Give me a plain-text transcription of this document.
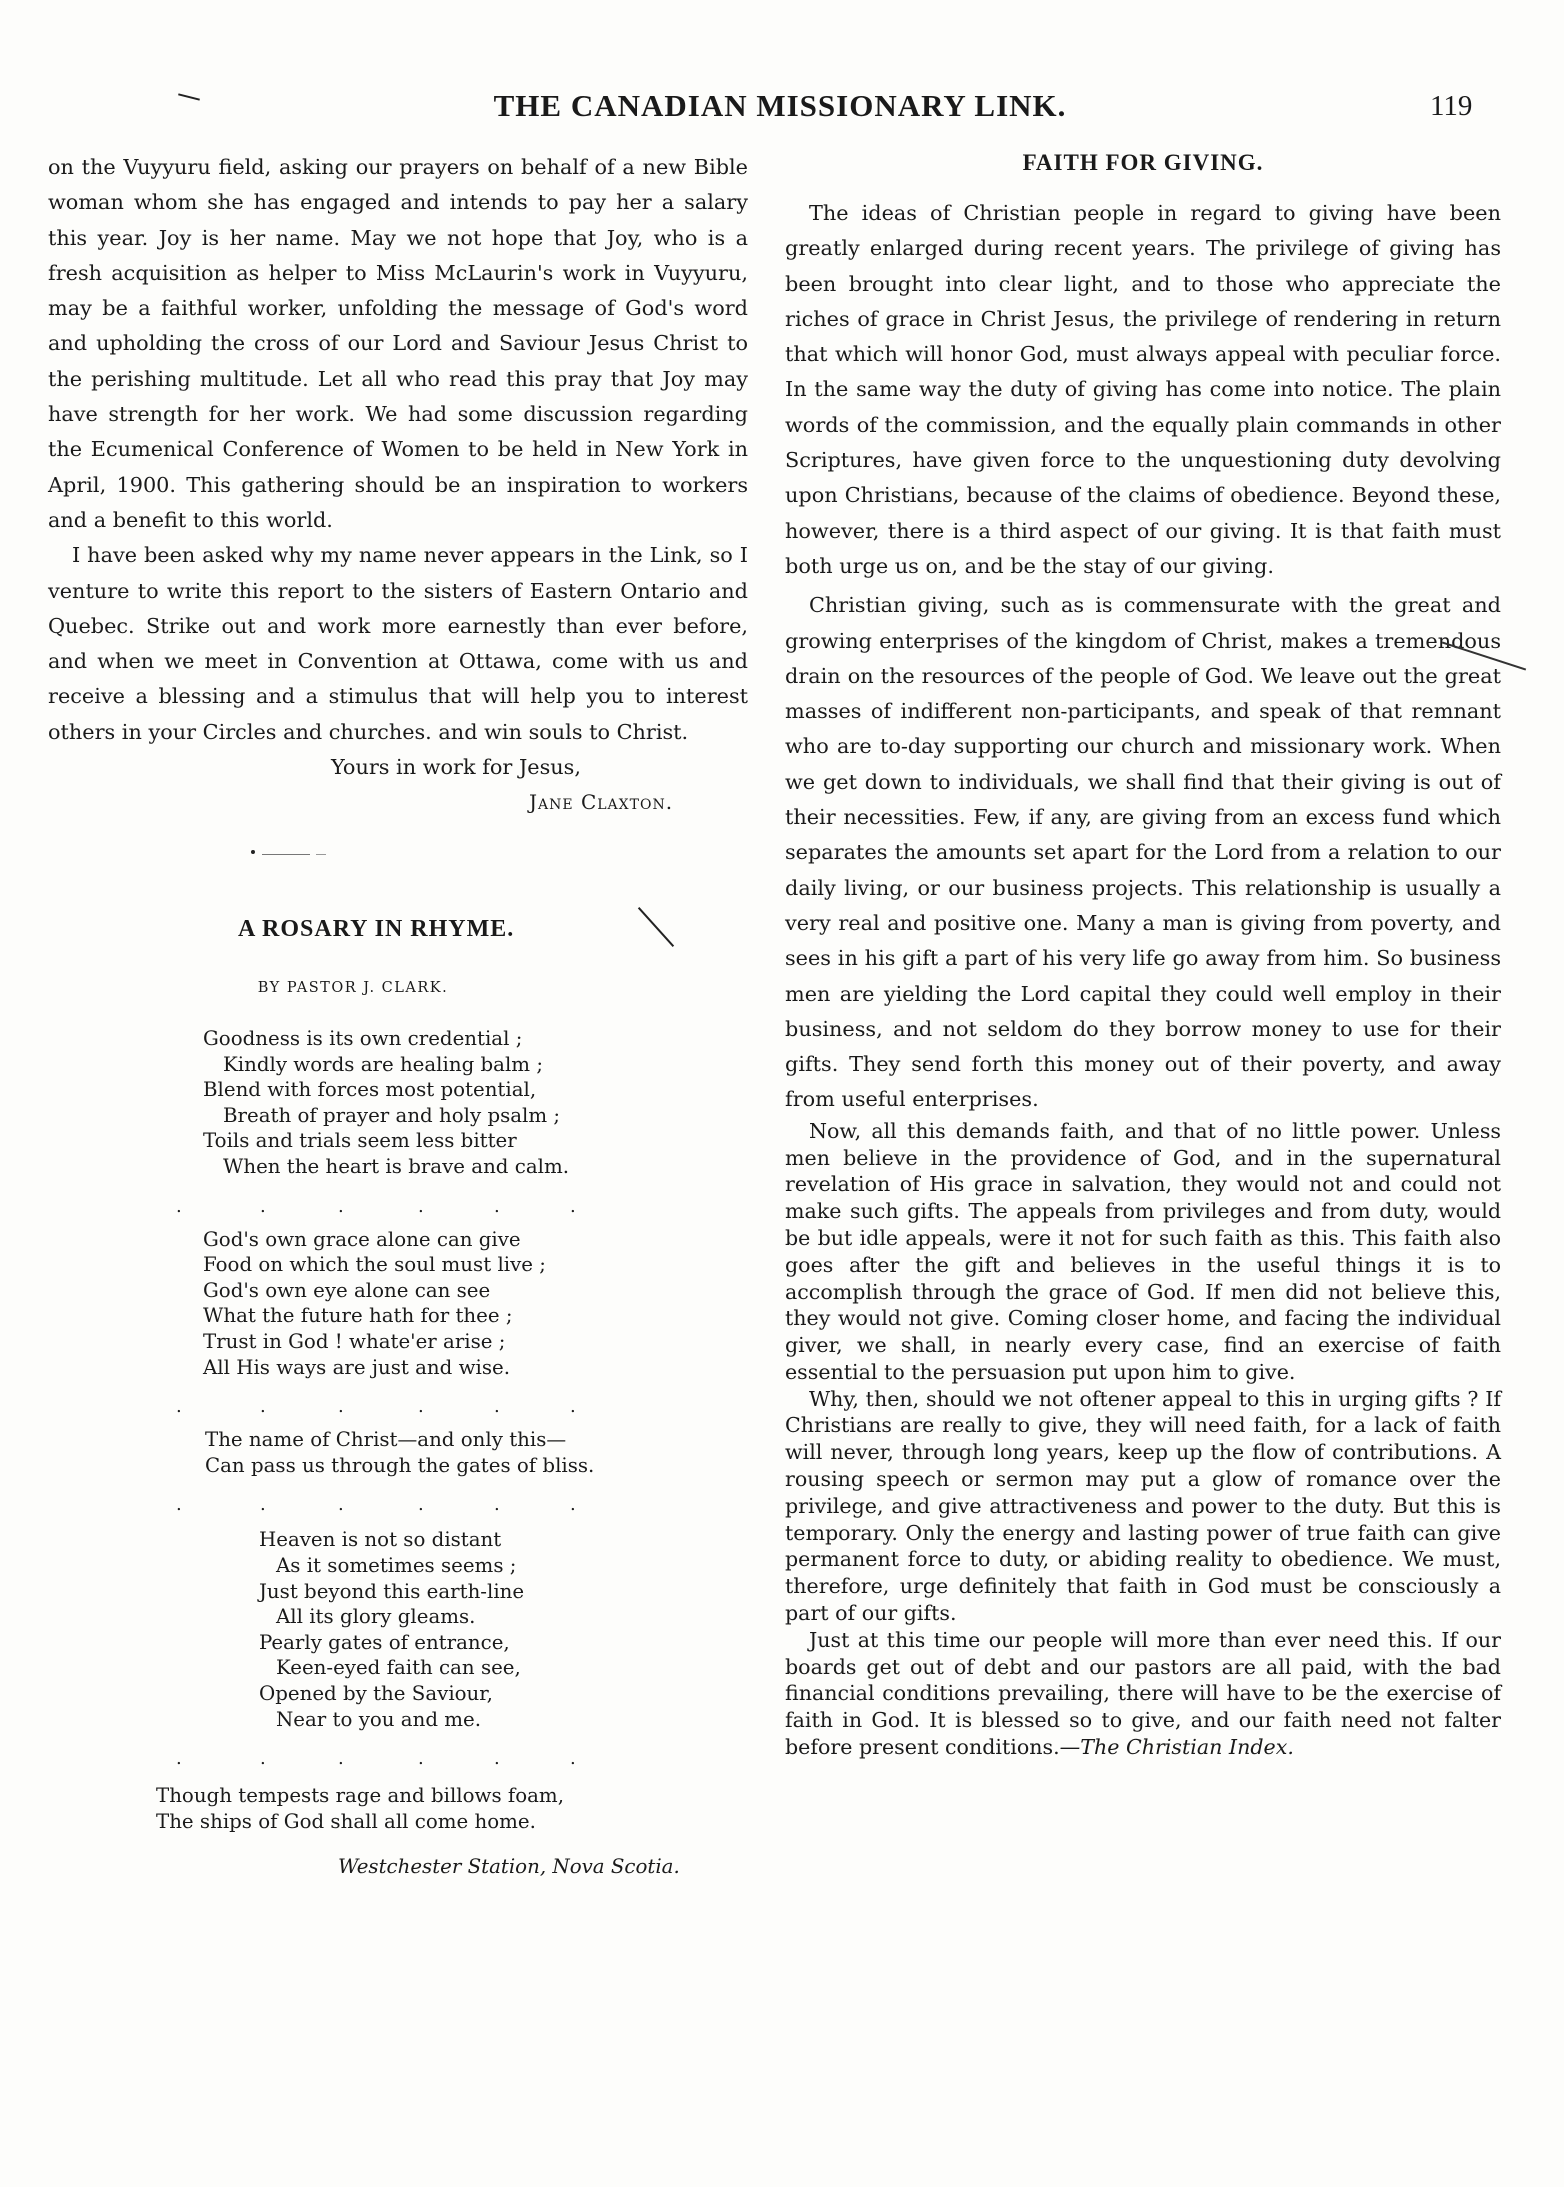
THE CANADIAN MISSIONARY LINK.	119

on the Vuyyuru field, asking our prayers on behalf of a new Bible woman whom she has engaged and intends to pay her a salary this year. Joy is her name. May we not hope that Joy, who is a fresh acquisition as helper to Miss McLaurin's work in Vuyyuru, may be a faithful worker, unfolding the message of God's word and upholding the cross of our Lord and Saviour Jesus Christ to the perishing multitude. Let all who read this pray that Joy may have strength for her work. We had some discussion regarding the Ecumenical Conference of Women to be held in New York in April, 1900. This gathering should be an inspiration to workers and a benefit to this world.

I have been asked why my name never appears in the Link, so I venture to write this report to the sisters of Eastern Ontario and Quebec. Strike out and work more earnestly than ever before, and when we meet in Convention at Ottawa, come with us and receive a blessing and a stimulus that will help you to interest others in your Circles and churches. and win souls to Christ.

Yours in work for Jesus,
Jane Claxton.
A ROSARY IN RHYME.
BY PASTOR J. CLARK.
Goodness is its own credential ;
Kindly words are healing balm ;
Blend with forces most potential,
Breath of prayer and holy psalm ;
Toils and trials seem less bitter
When the heart is brave and calm.
.	.	.	.	.	.
God's own grace alone can give
Food on which the soul must live ;
God's own eye alone can see
What the future hath for thee ;
Trust in God ! whate'er arise ;
All His ways are just and wise.
.	.	.	.	.	.
The name of Christ—and only this—
Can pass us through the gates of bliss.
.	.	.	.	.	.
Heaven is not so distant
As it sometimes seems ;
Just beyond this earth-line
All its glory gleams.
Pearly gates of entrance,
Keen-eyed faith can see,
Opened by the Saviour,
Near to you and me.
.	.	.	.	.	.
Though tempests rage and billows foam,
The ships of God shall all come home.
Westchester Station, Nova Scotia.
FAITH FOR GIVING.

The ideas of Christian people in regard to giving have been greatly enlarged during recent years. The privilege of giving has been brought into clear light, and to those who appreciate the riches of grace in Christ Jesus, the privilege of rendering in return that which will honor God, must always appeal with peculiar force. In the same way the duty of giving has come into notice. The plain words of the commission, and the equally plain commands in other Scriptures, have given force to the unquestioning duty devolving upon Christians, because of the claims of obedience. Beyond these, however, there is a third aspect of our giving. It is that faith must both urge us on, and be the stay of our giving.

Christian giving, such as is commensurate with the great and growing enterprises of the kingdom of Christ, makes a tremendous drain on the resources of the people of God. We leave out the great masses of indifferent non-participants, and speak of that remnant who are to-day supporting our church and missionary work. When we get down to individuals, we shall find that their giving is out of their necessities. Few, if any, are giving from an excess fund which separates the amounts set apart for the Lord from a relation to our daily living, or our business projects. This relationship is usually a very real and positive one. Many a man is giving from poverty, and sees in his gift a part of his very life go away from him. So business men are yielding the Lord capital they could well employ in their business, and not seldom do they borrow money to use for their gifts. They send forth this money out of their poverty, and away from useful enterprises.

Now, all this demands faith, and that of no little power. Unless men believe in the providence of God, and in the supernatural revelation of His grace in salvation, they would not and could not make such gifts. The appeals from privileges and from duty, would be but idle appeals, were it not for such faith as this. This faith also goes after the gift and believes in the useful things it is to accomplish through the grace of God. If men did not believe this, they would not give. Coming closer home, and facing the individual giver, we shall, in nearly every case, find an exercise of faith essential to the persuasion put upon him to give.

Why, then, should we not oftener appeal to this in urging gifts ? If Christians are really to give, they will need faith, for a lack of faith will never, through long years, keep up the flow of contributions. A rousing speech or sermon may put a glow of romance over the privilege, and give attractiveness and power to the duty. But this is temporary. Only the energy and lasting power of true faith can give permanent force to duty, or abiding reality to obedience. We must, therefore, urge definitely that faith in God must be consciously a part of our gifts.

Just at this time our people will more than ever need this. If our boards get out of debt and our pastors are all paid, with the bad financial conditions prevailing, there will have to be the exercise of faith in God. It is blessed so to give, and our faith need not falter before present conditions.—The Christian Index.
